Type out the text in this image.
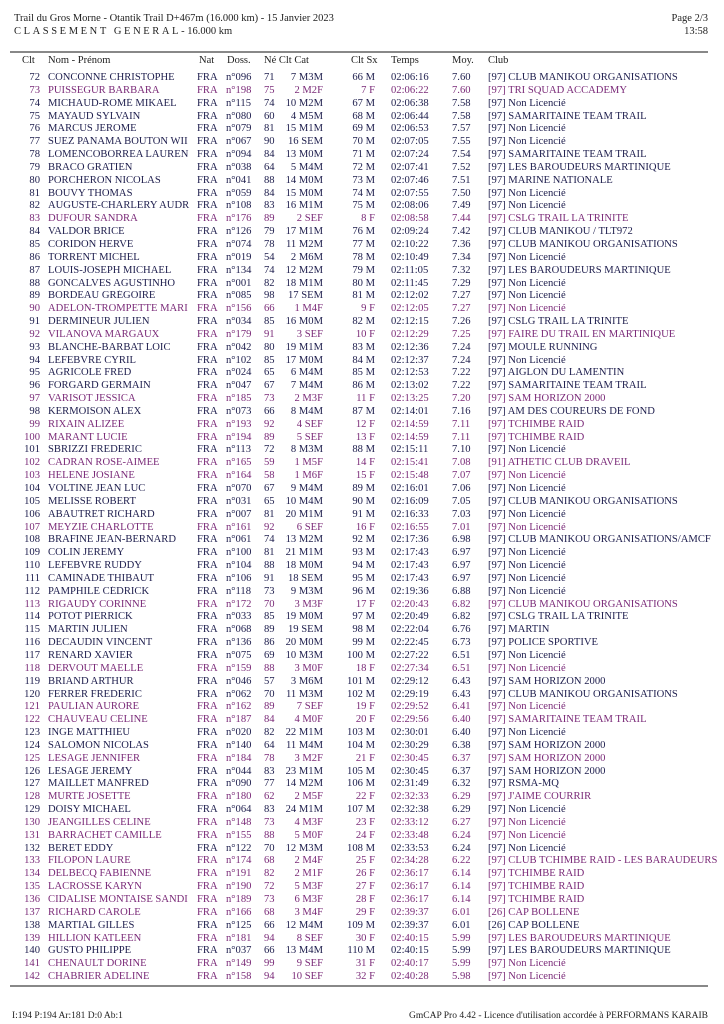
Trail du Gros Morne - Otantik Trail D+467m (16.000 km) - 15 Janvier 2023
CLASSEMENT GENERAL- 16.000 km
Page 2/3
13:58
Clt Nom - Prénom	Nat Doss. Né Clt Cat	Clt Sx Temps	Moy. Club
72 CONCONNE CHRISTOPHE	FRA n°096 71	7 M3M	66 M 02:06:16 7.60 [97] CLUB MANIKOU ORGANISATIONS
73 PUISSEGUR BARBARA	FRA n°198 75	2 M2F	7 F 02:06:22 7.60 [97] TRI SQUAD ACCADEMY
74 MICHAUD-ROMÉ MIKAEL	FRA n°115 74	10 M2M	67 M 02:06:38 7.58 [97] Non Licencié
75 MAYAUD SYLVAIN	FRA n°080 60	4 M5M	68 M 02:06:44 7.58 [97] SAMARITAINE TEAM TRAIL
76 MARCUS JEROME	FRA n°079 81	15 M1M	69 M 02:06:53 7.57 [97] Non Licencié
77 SUEZ PANAMA BOUTON WII FRA n°067 90	16 SEM	70 M 02:07:05 7.55 [97] Non Licencié
78 LOMENCOBORREA LAUREN FRA n°094 84	13 M0M	71 M 02:07:24 7.54 [97] SAMARITAINE TEAM TRAIL
79 BRACO GRATIEN	FRA n°038 64	5 M4M	72 M 02:07:41 7.52 [97] LES BAROUDEURS MARTINIQUE
80 PORCHERON NICOLAS	FRA n°041 88	14 M0M	73 M 02:07:46 7.51 [97] MARINE NATIONALE
81 BOUVY THOMAS	FRA n°059 84	15 M0M	74 M 02:07:55 7.50 [97] Non Licencié
82 AUGUSTE-CHARLERY AUDR FRA n°108 83	16 M1M	75 M 02:08:06 7.49 [97] Non Licencié
83 DUFOUR SANDRA	FRA n°176 89	2 SEF	8 F 02:08:58 7.44 [97] CSLG TRAIL LA TRINITE
84 VALDOR BRICE	FRA n°126 79	17 M1M	76 M 02:09:24 7.42 [97] CLUB MANIKOU / TLT972
85 CORIDON HERVE	FRA n°074 78	11 M2M	77 M 02:10:22 7.36 [97] CLUB MANIKOU ORGANISATIONS
86 TORRENT MICHEL	FRA n°019 54	2 M6M	78 M 02:10:49 7.34 [97] Non Licencié
87 LOUIS-JOSEPH MICHAEL	FRA n°134 74	12 M2M	79 M 02:11:05 7.32 [97] LES BAROUDEURS MARTINIQUE
88 GONCALVES AGUSTINHO	FRA n°001 82	18 M1M	80 M 02:11:45 7.29 [97] Non Licencié
89 BORDEAU GRÉGOIRE	FRA n°085 98	17 SEM	81 M 02:12:02 7.27 [97] Non Licencié
90 ADELON-TROMPETTE MARI FRA n°156 66	1 M4F	9 F 02:12:05 7.27 [97] Non Licencié
91 DERMINEUR JULIEN	FRA n°034 85	16 M0M	82 M 02:12:15 7.26 [97] CSLG TRAIL LA TRINITE
92 VILANOVA MARGAUX	FRA n°179 91	3 SEF	10 F 02:12:29 7.25 [97] FAIRE DU TRAIL EN MARTINIQUE
93 BLANCHE-BARBAT LOIC	FRA n°042 80	19 M1M	83 M 02:12:36 7.24 [97] MOULE RUNNING
94 LEFEBVRE CYRIL	FRA n°102 85	17 M0M	84 M 02:12:37 7.24 [97] Non Licencié
95 AGRICOLE FRED	FRA n°024 65	6 M4M	85 M 02:12:53 7.22 [97] AIGLON DU LAMENTIN
96 FORGARD GERMAIN	FRA n°047 67	7 M4M	86 M 02:13:02 7.22 [97] SAMARITAINE TEAM TRAIL
97 VARISOT JESSICA	FRA n°185 73	2 M3F	11 F 02:13:25 7.20 [97] SAM HORIZON 2000
98 KERMOISON ALEX	FRA n°073 66	8 M4M	87 M 02:14:01 7.16 [97] AM DES COUREURS DE FOND
99 RIXAIN ALIZEE	FRA n°193 92	4 SEF	12 F 02:14:59 7.11 [97] TCHIMBE RAID
100 MARANT LUCIE	FRA n°194 89	5 SEF	13 F 02:14:59 7.11 [97] TCHIMBE RAID
101 SBRIZZI FREDERIC	FRA n°113 72	8 M3M	88 M 02:15:11 7.10 [97] Non Licencié
102 CADRAN ROSE-AIMEE	FRA n°165 59	1 M5F	14 F 02:15:41 7.08 [91] ATHETIC CLUB DRAVEIL
103 HELENE JOSIANE	FRA n°164 58	1 M6F	15 F 02:15:48 7.07 [97] Non Licencié
104 VOLTINE JEAN LUC	FRA n°070 67	9 M4M	89 M 02:16:01 7.06 [97] Non Licencié
105 MELISSE ROBERT	FRA n°031 65	10 M4M	90 M 02:16:09 7.05 [97] CLUB MANIKOU ORGANISATIONS
106 ABAUTRET RICHARD	FRA n°007 81	20 M1M	91 M 02:16:33 7.03 [97] Non Licencié
107 MEYZIE CHARLOTTE	FRA n°161 92	6 SEF	16 F 02:16:55 7.01 [97] Non Licencié
108 BRAFINE JEAN-BERNARD	FRA n°061 74	13 M2M	92 M 02:17:36 6.98 [97] CLUB MANIKOU ORGANISATIONS/AMCF
109 COLIN JEREMY	FRA n°100 81	21 M1M	93 M 02:17:43 6.97 [97] Non Licencié
110 LEFEBVRE RUDDY	FRA n°104 88	18 M0M	94 M 02:17:43 6.97 [97] Non Licencié
111 CAMINADE THIBAUT	FRA n°106 91	18 SEM	95 M 02:17:43 6.97 [97] Non Licencié
112 PAMPHILE CÉDRICK	FRA n°118 73	9 M3M	96 M 02:19:36 6.88 [97] Non Licencié
113 RIGAUDY CORINNE	FRA n°172 70	3 M3F	17 F 02:20:43 6.82 [97] CLUB MANIKOU ORGANISATIONS
114 POTOT PIERRICK	FRA n°033 85	19 M0M	97 M 02:20:49 6.82 [97] CSLG TRAIL LA TRINITE
115 MARTIN JULIEN	FRA n°068 89	19 SEM	98 M 02:22:04 6.76 [97] MARTIN
116 DECAUDIN VINCENT	FRA n°136 86	20 M0M	99 M 02:22:45 6.73 [97] POLICE SPORTIVE
117 RENARD XAVIER	FRA n°075 69	10 M3M	100 M 02:27:22 6.51 [97] Non Licencié
118 DERVOUT MAELLE	FRA n°159 88	3 M0F	18 F 02:27:34 6.51 [97] Non Licencié
119 BRIAND ARTHUR	FRA n°046 57	3 M6M	101 M 02:29:12 6.43 [97] SAM HORIZON 2000
120 FERRER FREDERIC	FRA n°062 70	11 M3M	102 M 02:29:19 6.43 [97] CLUB MANIKOU ORGANISATIONS
121 PAULIAN AURORE	FRA n°162 89	7 SEF	19 F 02:29:52 6.41 [97] Non Licencié
122 CHAUVEAU CÉLINE	FRA n°187 84	4 M0F	20 F 02:29:56 6.40 [97] SAMARITAINE TEAM TRAIL
123 INGE MATTHIEU	FRA n°020 82	22 M1M	103 M 02:30:01 6.40 [97] Non Licencié
124 SALOMON NICOLAS	FRA n°140 64	11 M4M	104 M 02:30:29 6.38 [97] SAM HORIZON 2000
125 LESAGE JENNIFER	FRA n°184 78	3 M2F	21 F 02:30:45 6.37 [97] SAM HORIZON 2000
126 LESAGE JEREMY	FRA n°044 83	23 M1M	105 M 02:30:45 6.37 [97] SAM HORIZON 2000
127 MAILLET MANFRED	FRA n°090 77	14 M2M	106 M 02:31:49 6.32 [97] RSMA-MQ
128 MURTÉ JOSETTE	FRA n°180 62	2 M5F	22 F 02:32:33 6.29 [97] J'AIME COURRIR
129 DOISY MICHAEL	FRA n°064 83	24 M1M	107 M 02:32:38 6.29 [97] Non Licencié
130 JEANGILLES CELINE	FRA n°148 73	4 M3F	23 F 02:33:12 6.27 [97] Non Licencié
131 BARRACHET CAMILLE	FRA n°155 88	5 M0F	24 F 02:33:48 6.24 [97] Non Licencié
132 BERET EDDY	FRA n°122 70	12 M3M	108 M 02:33:53 6.24 [97] Non Licencié
133 FILOPON LAURE	FRA n°174 68	2 M4F	25 F 02:34:28 6.22 [97] CLUB TCHIMBE RAID - LES BARAUDEURS
134 DELBECQ FABIENNE	FRA n°191 82	2 M1F	26 F 02:36:17 6.14 [97] TCHIMBE RAID
135 LACROSSE KARYN	FRA n°190 72	5 M3F	27 F 02:36:17 6.14 [97] TCHIMBE RAID
136 CIDALISE MONTAISE SANDI FRA n°189 73	6 M3F	28 F 02:36:17 6.14 [97] TCHIMBE RAID
137 RICHARD CAROLE	FRA n°166 68	3 M4F	29 F 02:39:37 6.01 [26] CAP BOLLENE
138 MARTIAL GILLES	FRA n°125 66	12 M4M	109 M 02:39:37 6.01 [26] CAP BOLLENE
139 HILLION KATLEEN	FRA n°181 94	8 SEF	30 F 02:40:15 5.99 [97] LES BAROUDEURS MARTINIQUE
140 GUSTO PHILIPPE	FRA n°037 66	13 M4M	110 M 02:40:15 5.99 [97] LES BAROUDEURS MARTINIQUE
141 CHENAULT DORINE	FRA n°149 99	9 SEF	31 F 02:40:17 5.99 [97] Non Licencié
142 CHABRIER ADELINE	FRA n°158 94	10 SEF	32 F 02:40:28 5.98 [97] Non Licencié
I:194 P:194 Ar:181 D:0 Ab:1	GmCAP Pro 4.42 - Licence d'utilisation accordée à PERFORMANS KARAIB
